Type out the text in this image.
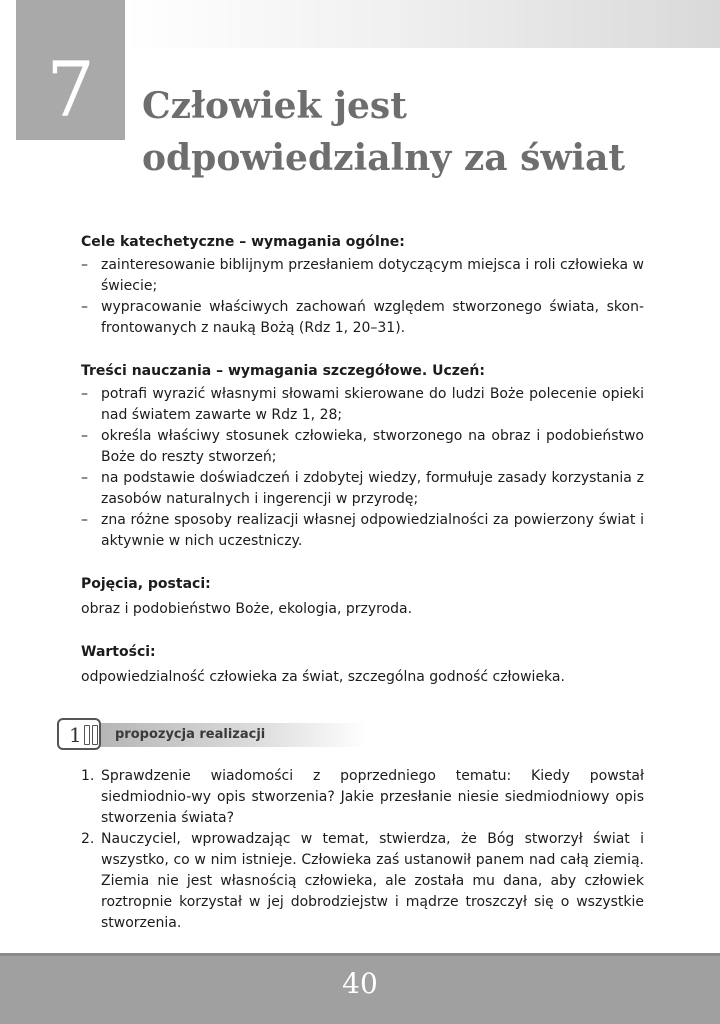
7	Człowiek jest odpowiedzialny za świat

Cele katechetyczne – wymagania ogólne:

– zainteresowanie biblijnym przesłaniem dotyczącym miejsca i roli człowieka w świecie;
– wypracowanie właściwych zachowań względem stworzonego świata, skon-frontowanych z nauką Bożą (Rdz 1, 20–31).

Treści nauczania – wymagania szczegółowe. Uczeń:

– potrafi wyrazić własnymi słowami skierowane do ludzi Boże polecenie opieki nad światem zawarte w Rdz 1, 28;
– określa właściwy stosunek człowieka, stworzonego na obraz i podobieństwo Boże do reszty stworzeń;
– na podstawie doświadczeń i zdobytej wiedzy, formułuje zasady korzystania z zasobów naturalnych i ingerencji w przyrodę;
– zna różne sposoby realizacji własnej odpowiedzialności za powierzony świat i aktywnie w nich uczestniczy.

Pojęcia, postaci:

obraz i podobieństwo Boże, ekologia, przyroda.

Wartości:

odpowiedzialność człowieka za świat, szczególna godność człowieka.

1	propozycja realizacji
1. Sprawdzenie wiadomości z poprzedniego tematu: Kiedy powstał siedmiodnio-wy opis stworzenia? Jakie przesłanie niesie siedmiodniowy opis stworzenia świata?
2. Nauczyciel, wprowadzając w temat, stwierdza, że Bóg stworzył świat i wszystko, co w nim istnieje. Człowieka zaś ustanowił panem nad całą ziemią. Ziemia nie jest własnością człowieka, ale została mu dana, aby człowiek roztropnie korzystał w jej dobrodziejstw i mądrze troszczył się o wszystkie stworzenia.
40
